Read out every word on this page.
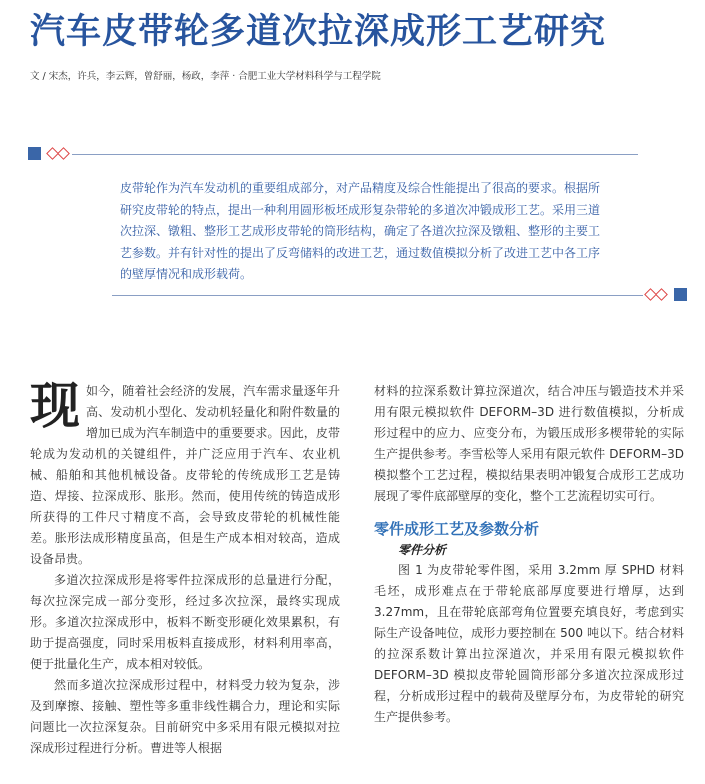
汽车皮带轮多道次拉深成形工艺研究
文 / 宋杰，许兵，李云辉，曾舒丽，杨政，李萍 · 合肥工业大学材料科学与工程学院
皮带轮作为汽车发动机的重要组成部分，对产品精度及综合性能提出了很高的要求。根据所研究皮带轮的特点，提出一种利用圆形板坯成形复杂带轮的多道次冲锻成形工艺。采用三道次拉深、镦粗、整形工艺成形皮带轮的筒形结构，确定了各道次拉深及镦粗、整形的主要工艺参数。并有针对性的提出了反弯储料的改进工艺，通过数值模拟分析了改进工艺中各工序的壁厚情况和成形载荷。

现 如今，随着社会经济的发展，汽车需求量逐年升高、发动机小型化、发动机轻量化和附件数量的增加已成为汽车制造中的重要要求。因此，皮带轮成为发动机的关键组件，并广泛应用于汽车、农业机械、船舶和其他机械设备。皮带轮的传统成形工艺是铸造、焊接、拉深成形、胀形。然而，使用传统的铸造成形所获得的工件尺寸精度不高，会导致皮带轮的机械性能差。胀形法成形精度虽高，但是生产成本相对较高，造成设备昂贵。

多道次拉深成形是将零件拉深成形的总量进行分配，每次拉深完成一部分变形，经过多次拉深，最终实现成形。多道次拉深成形中，板料不断变形硬化效果累积，有助于提高强度，同时采用板料直接成形，材料利用率高，便于批量化生产，成本相对较低。

然而多道次拉深成形过程中，材料受力较为复杂，涉及到摩擦、接触、塑性等多重非线性耦合力，理论和实际问题比一次拉深复杂。目前研究中多采用有限元模拟对拉深成形过程进行分析。曹进等人根据

材料的拉深系数计算拉深道次，结合冲压与锻造技术并采用有限元模拟软件 DEFORM–3D 进行数值模拟，分析成形过程中的应力、应变分布，为锻压成形多楔带轮的实际生产提供参考。李雪松等人采用有限元软件 DEFORM–3D 模拟整个工艺过程，模拟结果表明冲锻复合成形工艺成功展现了零件底部壁厚的变化，整个工艺流程切实可行。

零件成形工艺及参数分析

零件分析

图 1 为皮带轮零件图，采用 3.2mm 厚 SPHD 材料毛坯，成形难点在于带轮底部厚度要进行增厚，达到 3.27mm，且在带轮底部弯角位置要充填良好，考虑到实际生产设备吨位，成形力要控制在 500 吨以下。结合材料的拉深系数计算出拉深道次，并采用有限元模拟软件 DEFORM–3D 模拟皮带轮圆筒形部分多道次拉深成形过程，分析成形过程中的载荷及壁厚分布，为皮带轮的研究生产提供参考。
